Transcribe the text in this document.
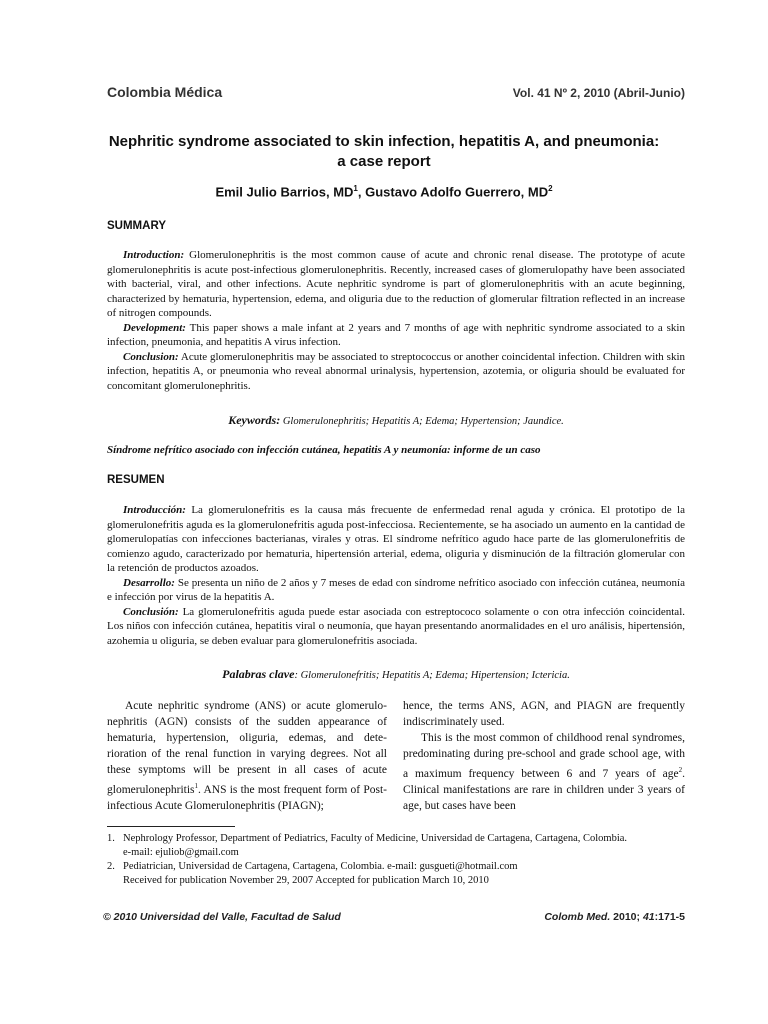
Colombia Médica	Vol. 41 Nº 2, 2010 (Abril-Junio)
Nephritic syndrome associated to skin infection, hepatitis A, and pneumonia:
a case report
Emil Julio Barrios, $MD^1$, Gustavo Adolfo Guerrero, $MD^2$
SUMMARY

Introduction: Glomerulonephritis is the most common cause of acute and chronic renal disease. The prototype of acute glomerulonephritis is acute post-infectious glomerulonephritis. Recently, increased cases of glomerulopathy have been associated with bacterial, viral, and other infections. Acute nephritic syndrome is part of glomerulonephritis with an acute beginning, characterized by hematuria, hypertension, edema, and oliguria due to the reduction of glomerular filtration reflected in an increase of nitrogen compounds.

Development: This paper shows a male infant at 2 years and 7 months of age with nephritic syndrome associated to a skin infection, pneumonia, and hepatitis A virus infection.

Conclusion: Acute glomerulonephritis may be associated to streptococcus or another coincidental infection. Children with skin infection, hepatitis A, or pneumonia who reveal abnormal urinalysis, hypertension, azotemia, or oliguria should be evaluated for concomitant glomerulonephritis.

Keywords: Glomerulonephritis; Hepatitis A; Edema; Hypertension; Jaundice.
Síndrome nefrítico asociado con infección cutánea, hepatitis A y neumonía: informe de un caso
RESUMEN

Introducción: La glomerulonefritis es la causa más frecuente de enfermedad renal aguda y crónica. El prototipo de la glomerulonefritis aguda es la glomerulonefritis aguda post-infecciosa. Recientemente, se ha asociado un aumento en la cantidad de glomerulopatías con infecciones bacterianas, virales y otras. El síndrome nefrítico agudo hace parte de las glomerulonefritis de comienzo agudo, caracterizado por hematuria, hipertensión arterial, edema, oliguria y disminución de la filtración glomerular con la retención de productos azoados.

Desarrollo: Se presenta un niño de 2 años y 7 meses de edad con síndrome nefrítico asociado con infección cutánea, neumonía e infección por virus de la hepatitis A.

Conclusión: La glomerulonefritis aguda puede estar asociada con estreptococo solamente o con otra infección coincidental. Los niños con infección cutánea, hepatitis viral o neumonía, que hayan presentando anormalidades en el uro análisis, hipertensión, azohemia u oliguria, se deben evaluar para glomerulonefritis asociada.

Palabras clave: Glomerulonefritis; Hepatitis A; Edema; Hipertension; Ictericia.

Acute nephritic syndrome (ANS) or acute glomerulo-nephritis (AGN) consists of the sudden appearance of hematuria, hypertension, oliguria, edemas, and dete-rioration of the renal function in varying degrees. Not all these symptoms will be present in all cases of acute glomerulonephritis$^1$. ANS is the most frequent form of Post-infectious Acute Glomerulonephritis (PIAGN);

hence, the terms ANS, AGN, and PIAGN are frequently indiscriminately used.

This is the most common of childhood renal syndromes, predominating during pre-school and grade school age, with a maximum frequency between 6 and 7 years of age$^2$. Clinical manifestations are rare in children under 3 years of age, but cases have been

1. Nephrology Professor, Department of Pediatrics, Faculty of Medicine, Universidad de Cartagena, Cartagena, Colombia.
e-mail: ejuliob@gmail.com
2. Pediatrician, Universidad de Cartagena, Cartagena, Colombia. e-mail: gusgueti@hotmail.com
Received for publication November 29, 2007 Accepted for publication March 10, 2010
© 2010 Universidad del Valle, Facultad de Salud	Colomb Med. 2010; 41:171-5
